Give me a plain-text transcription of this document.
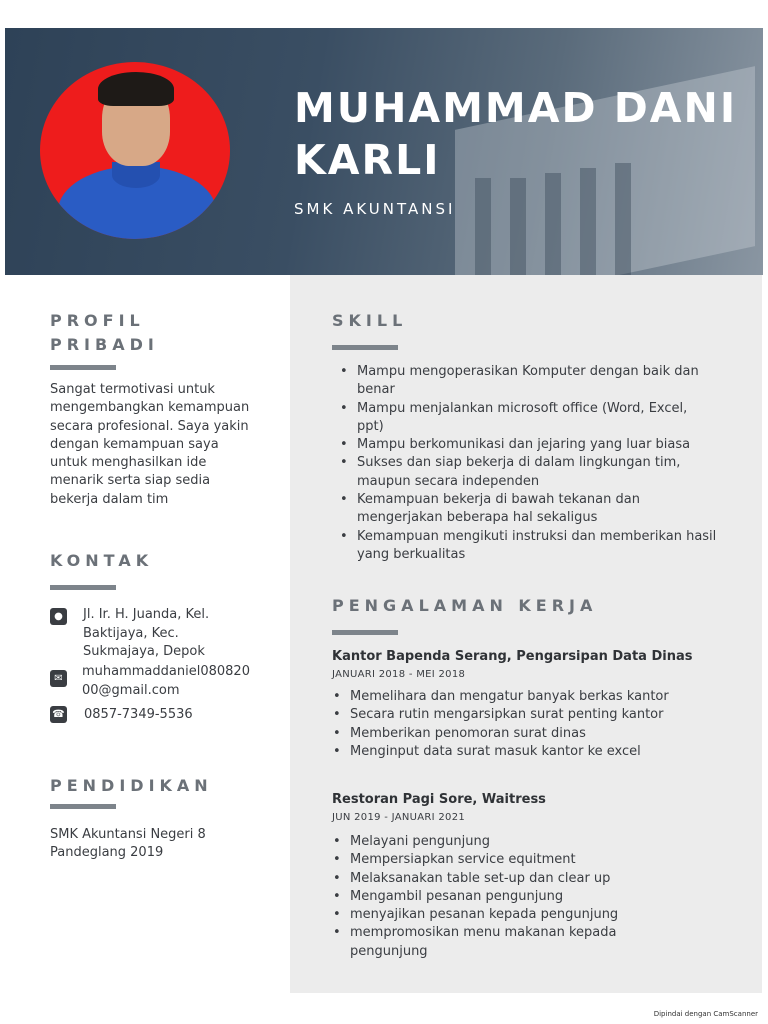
MUHAMMAD DANI KARLI
SMK AKUNTANSI
PROFIL PRIBADI

Sangat termotivasi untuk mengembangkan kemampuan secara profesional. Saya yakin dengan kemampuan saya untuk menghasilkan ide menarik serta siap sedia bekerja dalam tim

KONTAK
●	Jl. Ir. H. Juanda, Kel. Baktijaya, Kec. Sukmajaya, Depok
✉	muhammaddaniel08082000@gmail.com
☎ 0857-7349-5536
PENDIDIKAN

SMK Akuntansi Negeri 8 Pandeglang 2019

SKILL
• Mampu mengoperasikan Komputer dengan baik dan benar
• Mampu menjalankan microsoft office (Word, Excel, ppt)
• Mampu berkomunikasi dan jejaring yang luar biasa
• Sukses dan siap bekerja di dalam lingkungan tim, maupun secara independen
• Kemampuan bekerja di bawah tekanan dan mengerjakan beberapa hal sekaligus
• Kemampuan mengikuti instruksi dan memberikan hasil yang berkualitas
PENGALAMAN KERJA
Kantor Bapenda Serang, Pengarsipan Data Dinas
JANUARI 2018 - MEI 2018
• Memelihara dan mengatur banyak berkas kantor
• Secara rutin mengarsipkan surat penting kantor
• Memberikan penomoran surat dinas
• Menginput data surat masuk kantor ke excel
Restoran Pagi Sore, Waitress
JUN 2019 - JANUARI 2021
• Melayani pengunjung
• Mempersiapkan service equitment
• Melaksanakan table set-up dan clear up
• Mengambil pesanan pengunjung
• menyajikan pesanan kepada pengunjung
• mempromosikan menu makanan kepada pengunjung
Dipindai dengan CamScanner
